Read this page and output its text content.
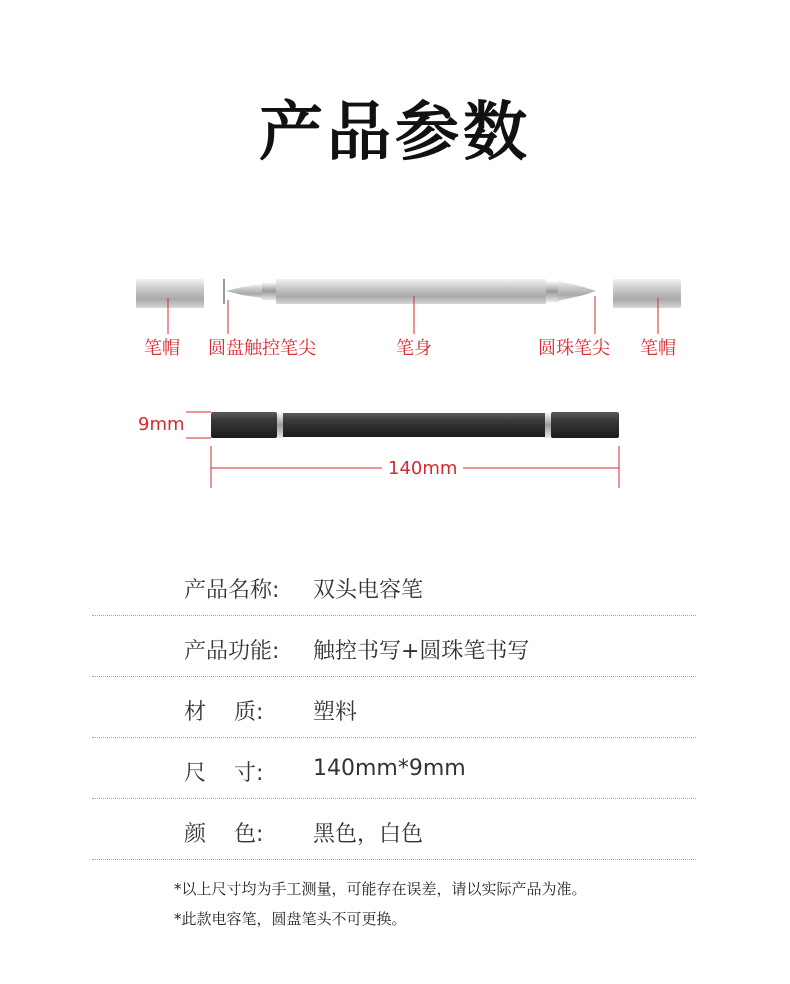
产品参数
笔帽 圆盘触控笔尖	笔身	圆珠笔尖 笔帽
9mm
140mm
产品名称: 双头电容笔
产品功能: 触控书写+圆珠笔书写
材    质: 塑料
尺    寸: 140mm*9mm
颜    色: 黑色，白色
*以上尺寸均为手工测量，可能存在误差，请以实际产品为准。
*此款电容笔，圆盘笔头不可更换。
